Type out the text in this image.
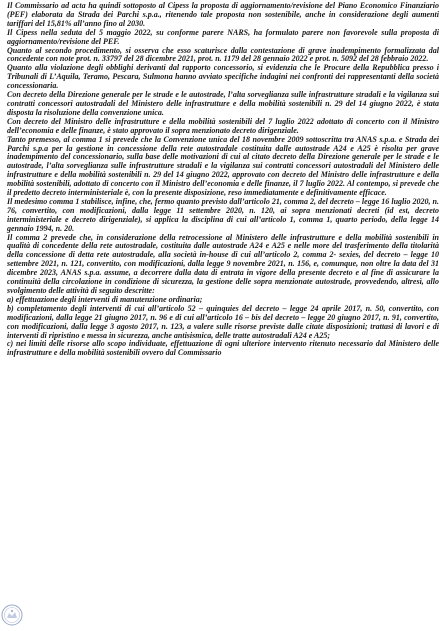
Il Commissario ad acta ha quindi sottoposto al Cipess la proposta di aggiornamento/revisione del Piano Economico Finanziario (PEF) elaborata da Strada dei Parchi s.p.a., ritenendo tale proposta non sostenibile, anche in considerazione degli aumenti tariffari del 15,81% all’anno fino al 2030.

Il Cipess nella seduta del 5 maggio 2022, su conforme parere NARS, ha formulato parere non favorevole sulla proposta di aggiornamento/revisione del PEF.

Quanto al secondo procedimento, si osserva che esso scaturisce dalla contestazione di grave inadempimento formalizzata dal concedente con note prot. n. 33797 del 28 dicembre 2021, prot. n. 1179 del 28 gennaio 2022 e prot. n. 5092 del 28 febbraio 2022.

Quanto alla violazione degli obblighi derivanti dal rapporto concessorio, si evidenzia che le Procure della Repubblica presso i Tribunali di L’Aquila, Teramo, Pescara, Sulmona hanno avviato specifiche indagini nei confronti dei rappresentanti della società concessionaria.

Con decreto della Direzione generale per le strade e le autostrade, l’alta sorveglianza sulle infrastrutture stradali e la vigilanza sui contratti concessori autostradali del Ministero delle infrastrutture e della mobilità sostenibili n. 29 del 14 giugno 2022, è stata disposta la risoluzione della convenzione unica.

Con decreto del Ministro delle infrastrutture e della mobilità sostenibili del 7 luglio 2022 adottato di concerto con il Ministro dell’economia e delle finanze, è stato approvato il sopra menzionato decreto dirigenziale.

Tanto premesso, al comma 1 si prevede che la Convenzione unica del 18 novembre 2009 sottoscritta tra ANAS s.p.a. e Strada dei Parchi s.p.a per la gestione in concessione della rete autostradale costituita dalle autostrade A24 e A25 è risolta per grave inadempimento del concessionario, sulla base delle motivazioni di cui al citato decreto della Direzione generale per le strade e le autostrade, l’alta sorveglianza sulle infrastrutture stradali e la vigilanza sui contratti concessori autostradali del Ministero delle infrastrutture e della mobilità sostenibili n. 29 del 14 giugno 2022, approvato con decreto del Ministro delle infrastrutture e della mobilità sostenibili, adottato di concerto con il Ministro dell’economia e delle finanze, il 7 luglio 2022. Al contempo, si prevede che il predetto decreto interministeriale è, con la presente disposizione, reso immediatamente e definitivamente efficace.

Il medesimo comma 1 stabilisce, infine, che, fermo quanto previsto dall’articolo 21, comma 2, del decreto – legge 16 luglio 2020, n. 76, convertito, con modificazioni, dalla legge 11 settembre 2020, n. 120, ai sopra menzionati decreti (id est, decreto interministeriale e decreto dirigenziale), si applica la disciplina di cui all’articolo 1, comma 1, quarto periodo, della legge 14 gennaio 1994, n. 20.

Il comma 2 prevede che, in considerazione della retrocessione al Ministero delle infrastrutture e della mobilità sostenibili in qualità di concedente della rete autostradale, costituita dalle autostrade A24 e A25 e nelle more del trasferimento della titolarità della concessione di detta rete autostradale, alla società in-house di cui all’articolo 2, comma 2- sexies, del decreto – legge 10 settembre 2021, n. 121, convertito, con modificazioni, dalla legge 9 novembre 2021, n. 156, e, comunque, non oltre la data del 31 dicembre 2023, ANAS s.p.a. assume, a decorrere dalla data di entrata in vigore della presente decreto e al fine di assicurare la continuità della circolazione in condizione di sicurezza, la gestione delle sopra menzionate autostrade, provvedendo, altresì, allo svolgimento delle attività di seguito descritte:

a) effettuazione degli interventi di manutenzione ordinaria;

b) completamento degli interventi di cui all’articolo 52 – quinquies del decreto – legge 24 aprile 2017, n. 50, convertito, con modificazioni, dalla legge 21 giugno 2017, n. 96 e di cui all’articolo 16 – bis del decreto – legge 20 giugno 2017, n. 91, convertito, con modificazioni, dalla legge 3 agosto 2017, n. 123, a valere sulle risorse previste dalle citate disposizioni; trattasi di lavori e di interventi di ripristino e messa in sicurezza, anche antisismica, delle tratte autostradali A24 e A25;

c) nei limiti delle risorse allo scopo individuate, effettuazione di ogni ulteriore intervento ritenuto necessario dal Ministero delle infrastrutture e della mobilità sostenibili ovvero dal Commissario
